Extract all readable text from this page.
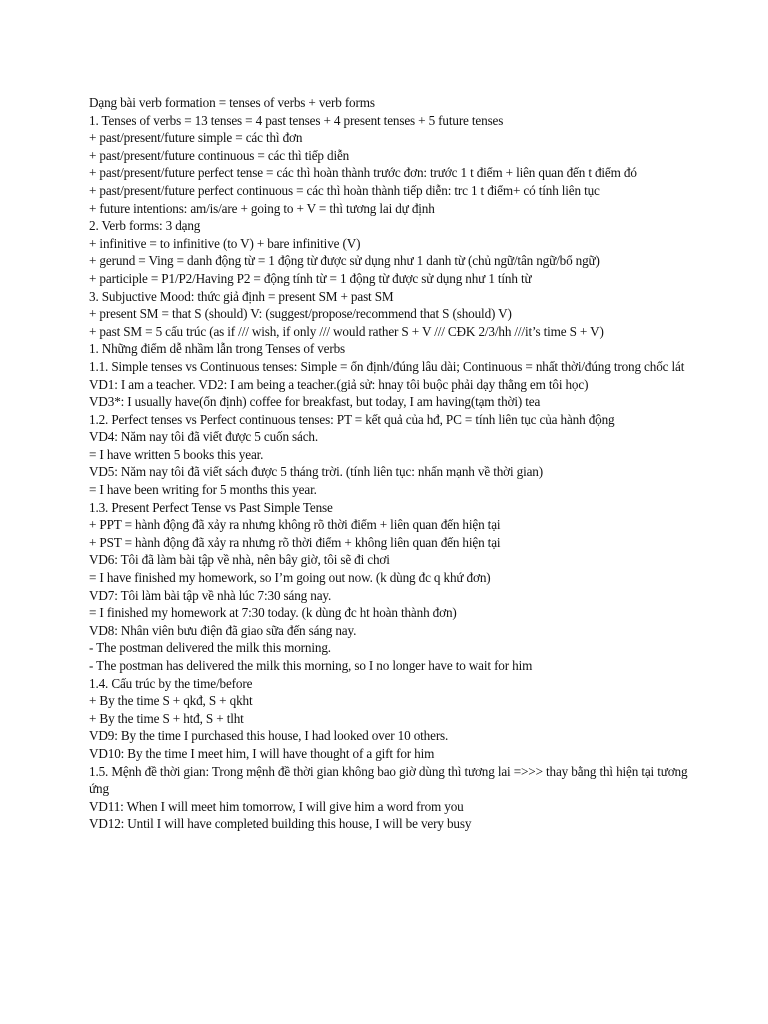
Dạng bài verb formation = tenses of verbs + verb forms
1. Tenses of verbs = 13 tenses = 4 past tenses + 4 present tenses + 5 future tenses
+ past/present/future simple = các thì đơn
+ past/present/future continuous = các thì tiếp diễn
+ past/present/future perfect tense = các thì hoàn thành trước đơn: trước 1 t điểm + liên quan đến t điểm đó
+ past/present/future perfect continuous = các thì hoàn thành tiếp diễn: trc 1 t điểm+ có tính liên tục
+ future intentions: am/is/are + going to + V = thì tương lai dự định
2. Verb forms: 3 dạng
+ infinitive = to infinitive (to V) + bare infinitive (V)
+ gerund = Ving = danh động từ = 1 động từ được sử dụng như 1 danh từ (chủ ngữ/tân ngữ/bổ ngữ)
+ participle = P1/P2/Having P2 = động tính từ = 1 động từ được sử dụng như 1 tính từ
3. Subjuctive Mood: thức giả định = present SM + past SM
+ present SM = that S (should) V: (suggest/propose/recommend that S (should) V)
+ past SM = 5 cấu trúc (as if /// wish, if only /// would rather S + V /// CĐK 2/3/hh ///it’s time S + V)
1. Những điểm dễ nhầm lẫn trong Tenses of verbs
1.1. Simple tenses vs Continuous tenses: Simple = ổn định/đúng lâu dài; Continuous = nhất thời/đúng trong chốc lát
VD1: I am a teacher. VD2: I am being a teacher.(giả sử: hnay tôi buộc phải dạy thằng em tôi học)
VD3*: I usually have(ổn định) coffee for breakfast, but today, I am having(tạm thời) tea
1.2. Perfect tenses vs Perfect continuous tenses: PT = kết quả của hđ, PC = tính liên tục của hành động
VD4: Năm nay tôi đã viết được 5 cuốn sách.
= I have written 5 books this year.
VD5: Năm nay tôi đã viết sách được 5 tháng trời. (tính liên tục: nhấn mạnh về thời gian)
= I have been writing for 5 months this year.
1.3. Present Perfect Tense vs Past Simple Tense
+ PPT = hành động đã xảy ra nhưng không rõ thời điểm + liên quan đến hiện tại
+ PST = hành động đã xảy ra nhưng rõ thời điểm + không liên quan đến hiện tại
VD6: Tôi đã làm bài tập về nhà, nên bây giờ, tôi sẽ đi chơi
= I have finished my homework, so I’m going out now. (k dùng đc q khứ đơn)
VD7: Tôi làm bài tập về nhà lúc 7:30 sáng nay.
= I finished my homework at 7:30 today. (k dùng đc ht hoàn thành đơn)
VD8: Nhân viên bưu điện đã giao sữa đến sáng nay.
- The postman delivered the milk this morning.
- The postman has delivered the milk this morning, so I no longer have to wait for him
1.4. Cấu trúc by the time/before
+ By the time S + qkđ, S + qkht
+ By the time S + htđ, S + tlht
VD9: By the time I purchased this house, I had looked over 10 others.
VD10: By the time I meet him, I will have thought of a gift for him
1.5. Mệnh đề thời gian: Trong mệnh đề thời gian không bao giờ dùng thì tương lai =>>> thay bằng thì hiện tại tương ứng
VD11: When I will meet him tomorrow, I will give him a word from you
VD12: Until I will have completed building this house, I will be very busy
